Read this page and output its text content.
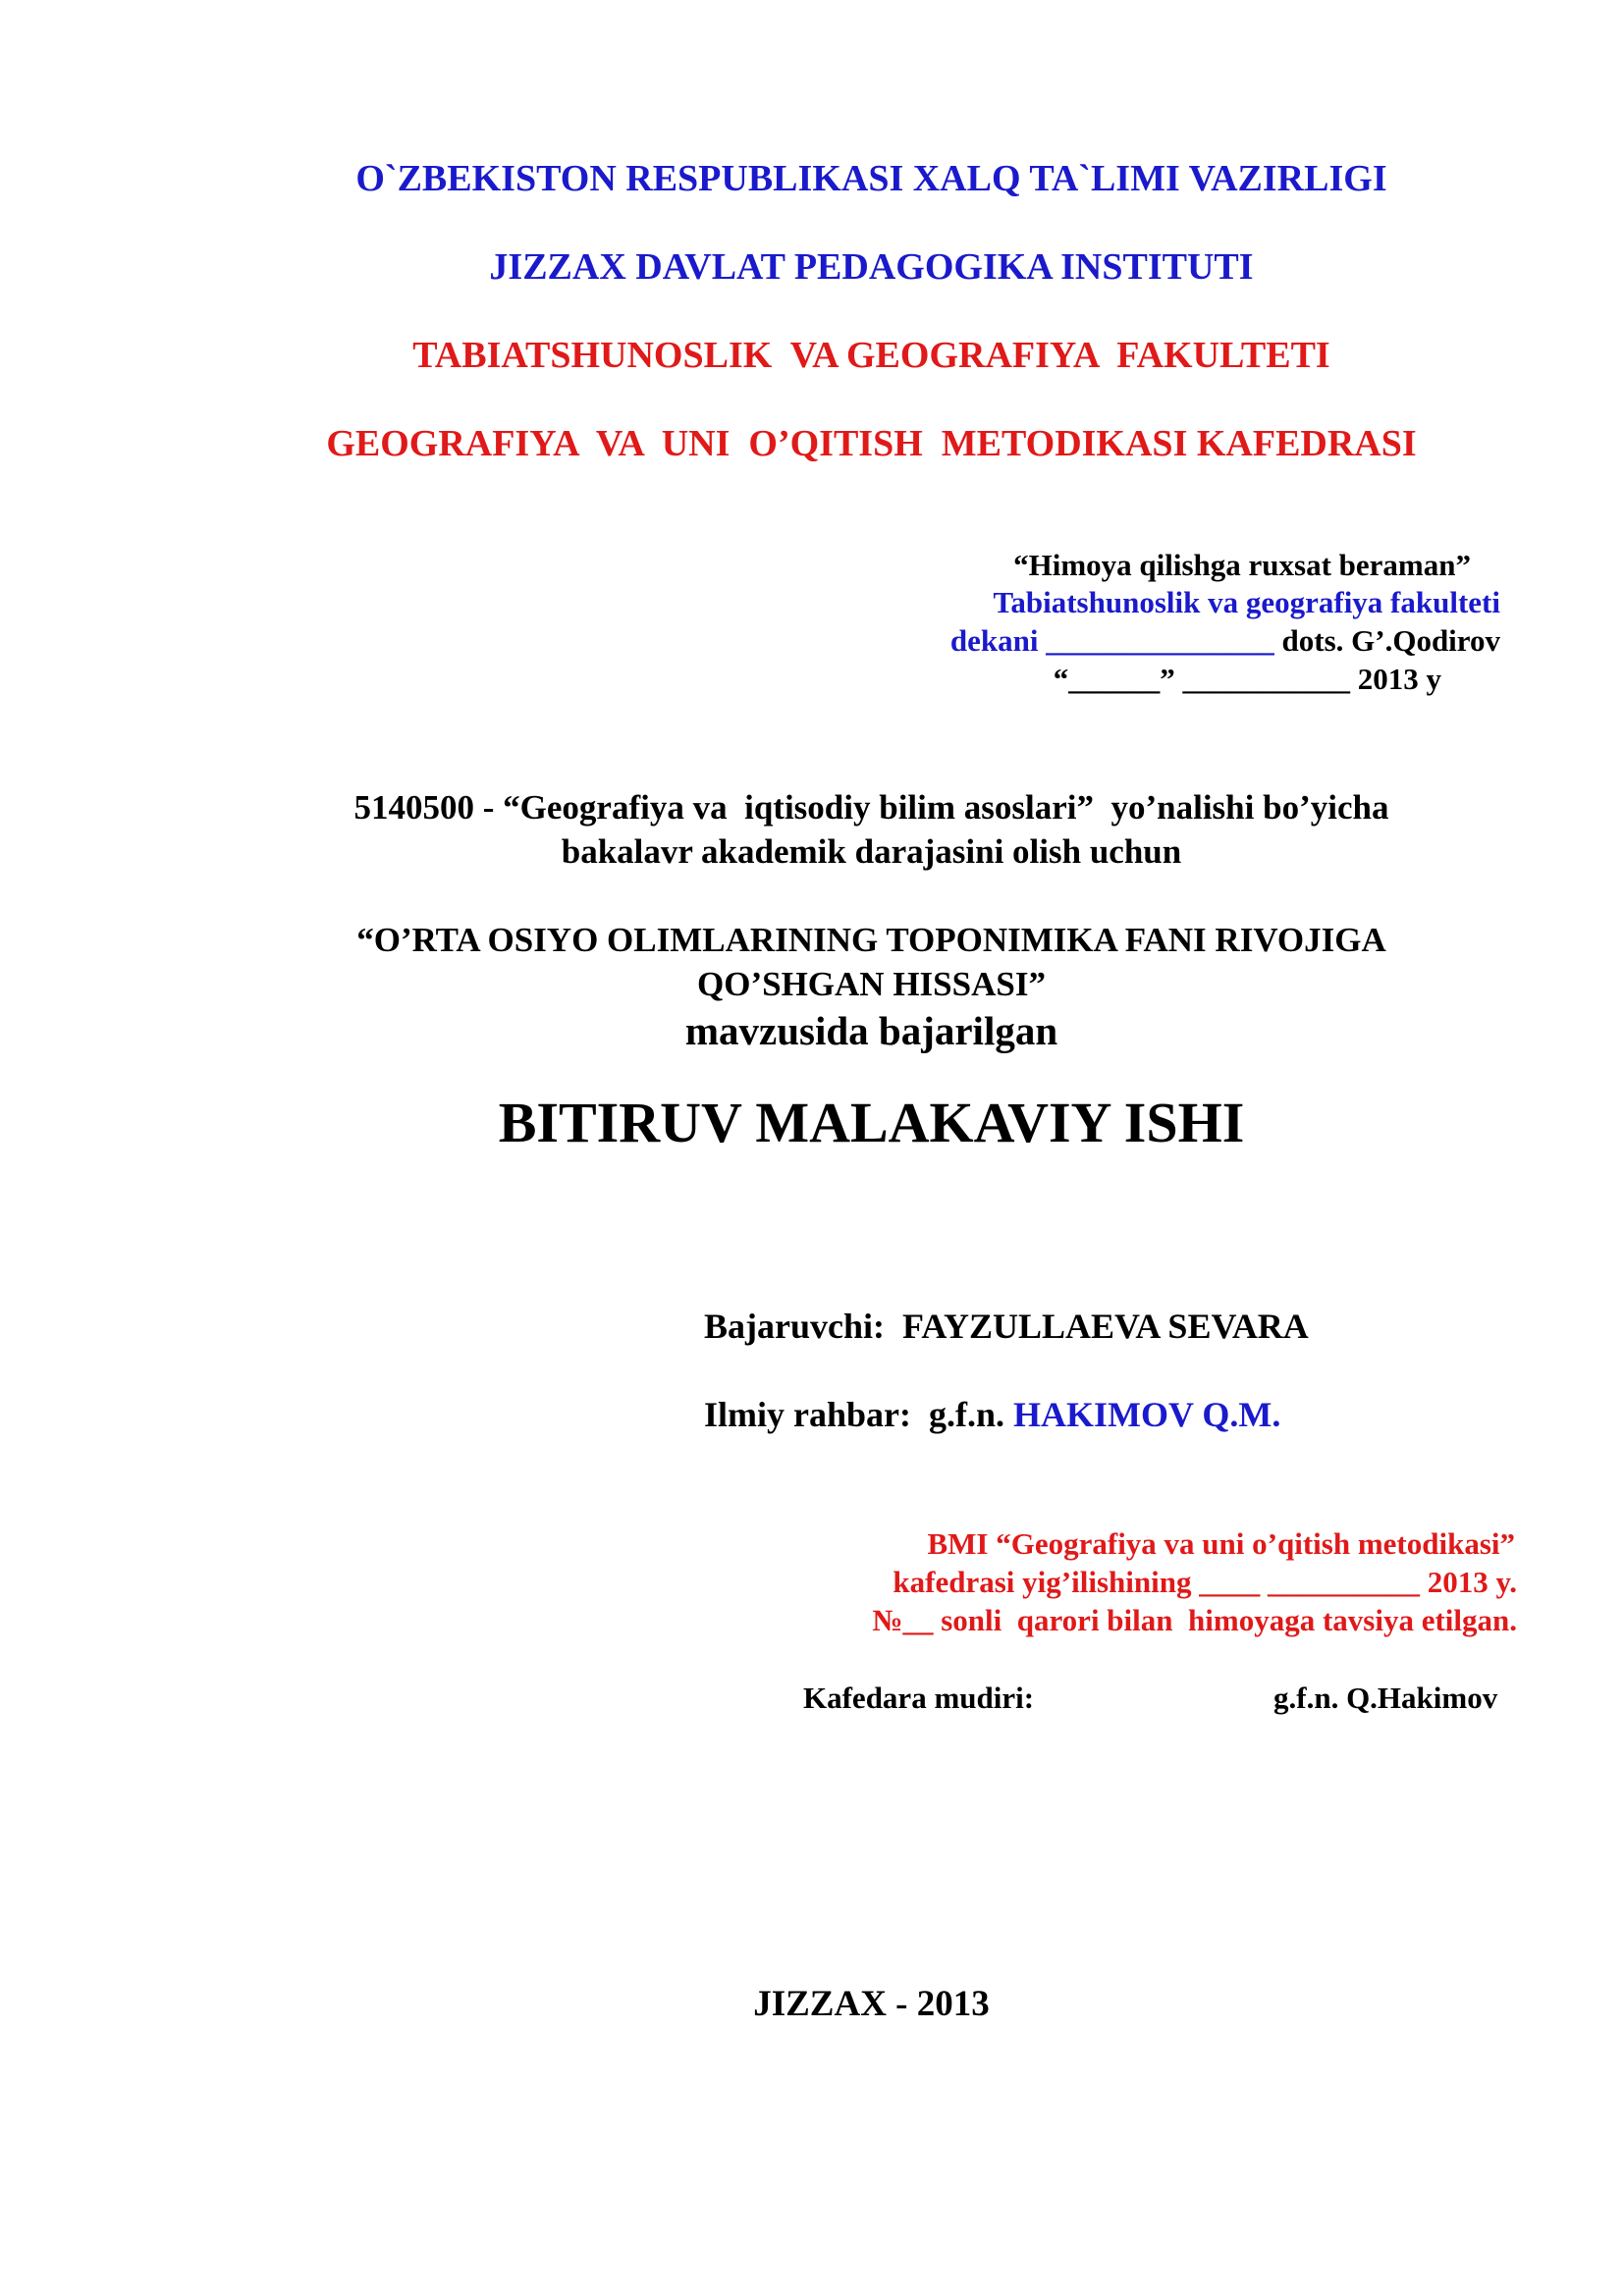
O`ZBEKISTON RESPUBLIKASI XALQ TA`LIMI VAZIRLIGI
JIZZAX DAVLAT PEDAGOGIKA INSTITUTI
TABIATSHUNOSLIK  VA GEOGRAFIYA  FAKULTETI
GEOGRAFIYA  VA  UNI  O’QITISH  METODIKASI KAFEDRASI
“Himoya qilishga ruxsat beraman”
Tabiatshunoslik va geografiya fakulteti
dekani _______________ dots. G’.Qodirov
“______” ___________ 2013 y
5140500 - “Geografiya va  iqtisodiy bilim asoslari”  yo’nalishi bo’yicha
bakalavr akademik darajasini olish uchun
“O’RTA OSIYO OLIMLARINING TOPONIMIKA FANI RIVOJIGA
QO’SHGAN HISSASI”
mavzusida bajarilgan
BITIRUV MALAKAVIY ISHI
Bajaruvchi: FAYZULLAEVA SEVARA
Ilmiy rahbar: g.f.n. HAKIMOV Q.M.
BMI “Geografiya va uni o’qitish metodikasi”
kafedrasi yig’ilishining ____ __________ 2013 y.
№__ sonli  qarori bilan  himoyaga tavsiya etilgan.
Kafedara mudiri:	g.f.n. Q.Hakimov
JIZZAX - 2013
